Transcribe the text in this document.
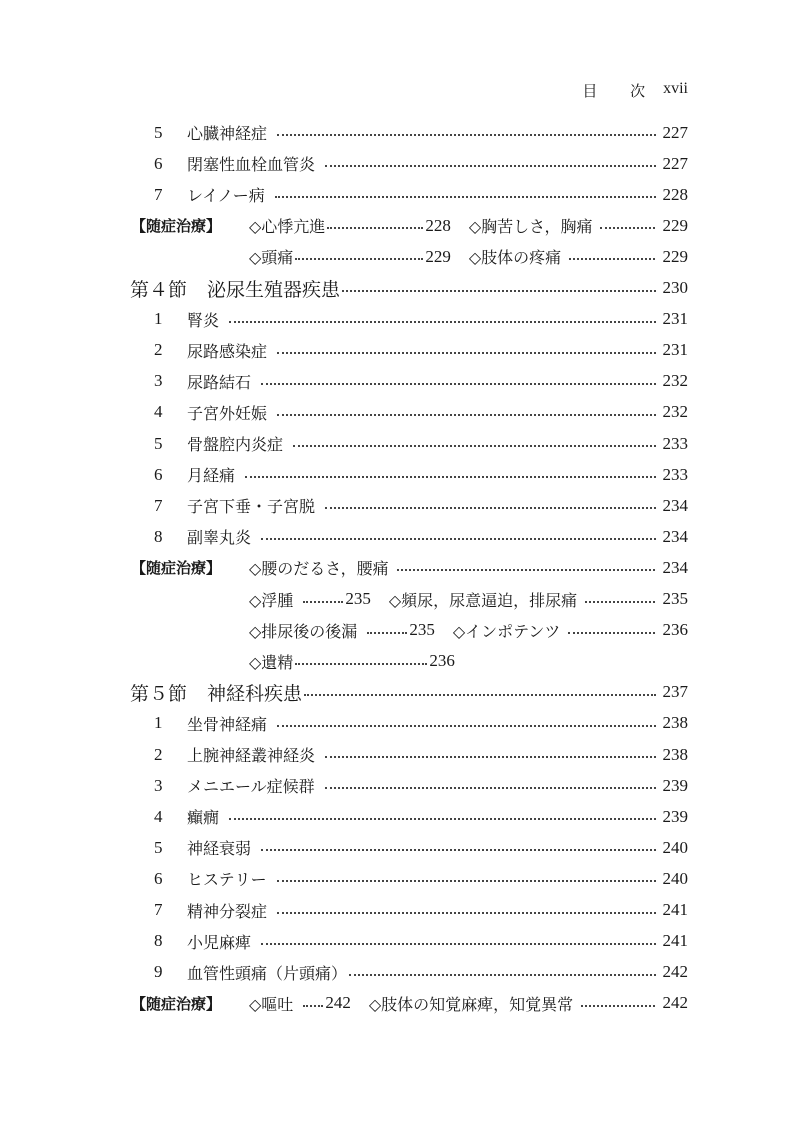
目 次 xvii
5	心臓神経症	227
6	閉塞性血栓血管炎	227
7	レイノー病	228
【随症治療】 ◇心悸亢進	228 ◇胸苦しさ，胸痛	229
◇頭痛	229 ◇肢体の疼痛	229
第４節 泌尿生殖器疾患	230
1	腎炎	231
2	尿路感染症	231
3	尿路結石	232
4	子宮外妊娠	232
5	骨盤腔内炎症	233
6	月経痛	233
7	子宮下垂・子宮脱	234
8	副睾丸炎	234
【随症治療】 ◇腰のだるさ，腰痛	234
◇浮腫	235 ◇頻尿，尿意逼迫，排尿痛	235
◇排尿後の後漏	235 ◇インポテンツ	236
◇遺精	236
第５節 神経科疾患	237
1	坐骨神経痛	238
2	上腕神経叢神経炎	238
3	メニエール症候群	239
4	癲癇	239
5	神経衰弱	240
6	ヒステリー	240
7	精神分裂症	241
8	小児麻痺	241
9	血管性頭痛（片頭痛）	242
【随症治療】 ◇嘔吐 242 ◇肢体の知覚麻痺，知覚異常	242
